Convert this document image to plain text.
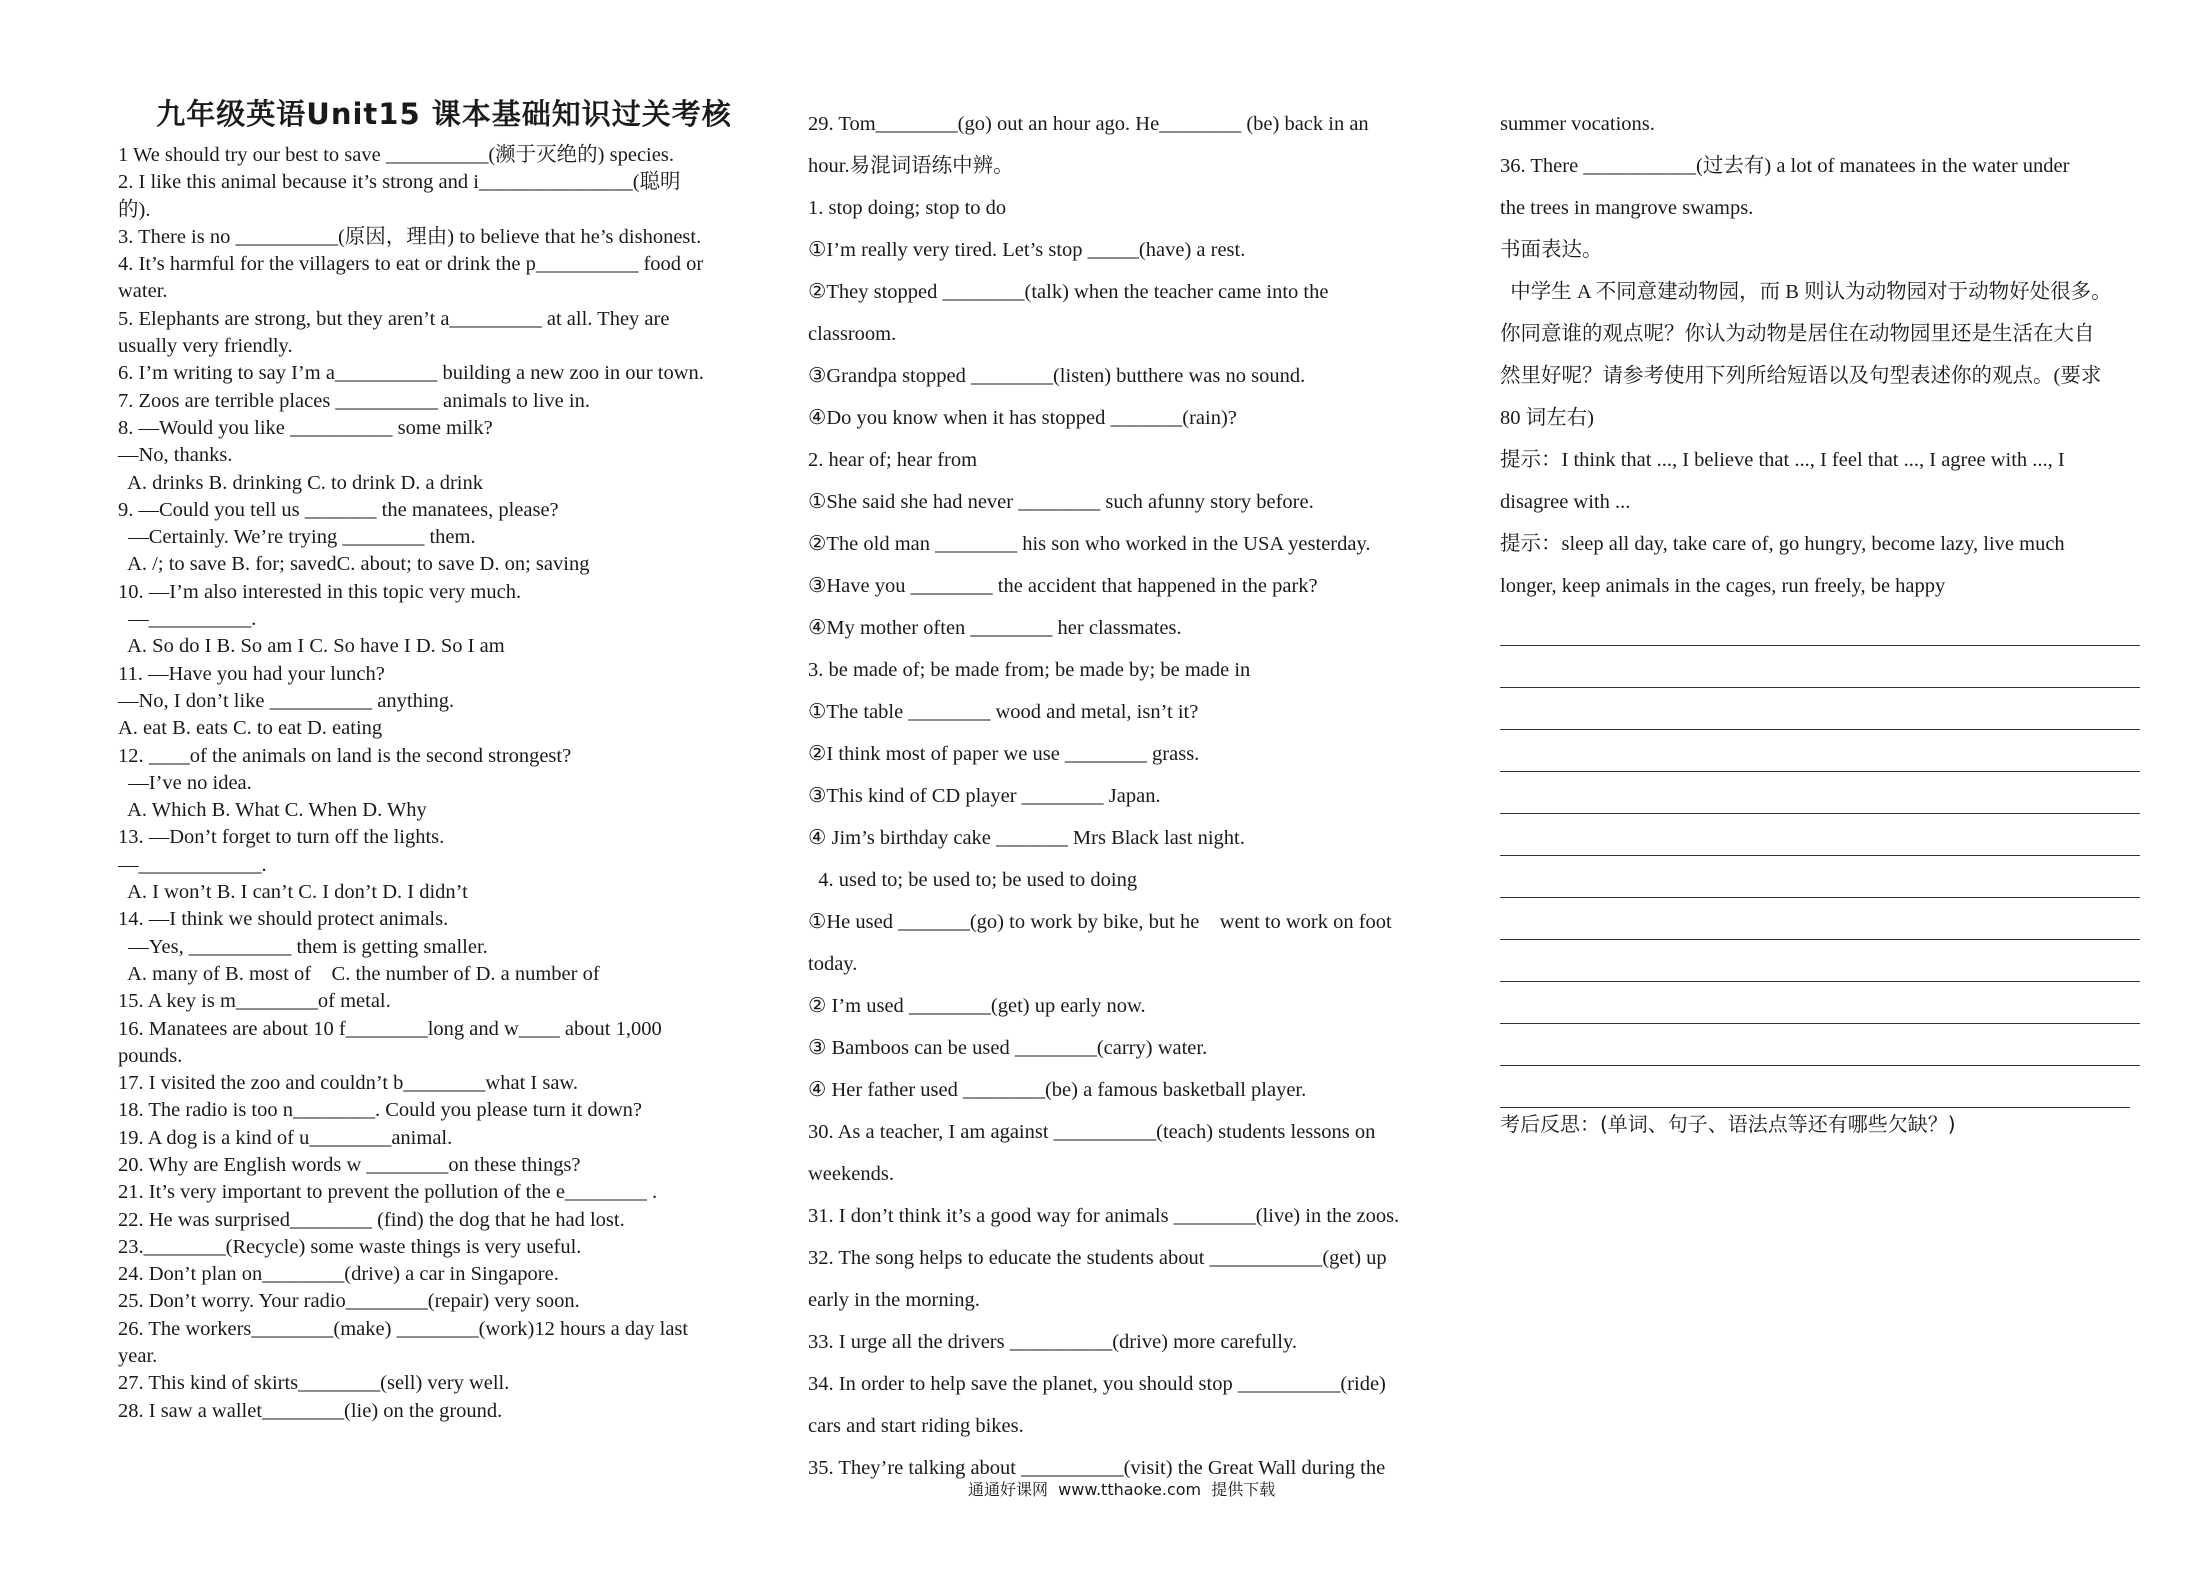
九年级英语Unit15 课本基础知识过关考核
1 We should try our best to save __________(濒于灭绝的) species.
2. I like this animal because it’s strong and i_______________(聪明
的).
3. There is no __________(原因，理由) to believe that he’s dishonest.
4. It’s harmful for the villagers to eat or drink the p__________ food or
water.
5. Elephants are strong, but they aren’t a_________ at all. They are
usually very friendly.
6. I’m writing to say I’m a__________ building a new zoo in our town.
7. Zoos are terrible places __________ animals to live in.
8. —Would you like __________ some milk?
—No, thanks.
A. drinks B. drinking C. to drink D. a drink
9. —Could you tell us _______ the manatees, please?
—Certainly. We’re trying ________ them.
A. /; to save B. for; savedC. about; to save D. on; saving
10. —I’m also interested in this topic very much.
—__________.
A. So do I B. So am I C. So have I D. So I am
11. —Have you had your lunch?
—No, I don’t like __________ anything.
A. eat B. eats C. to eat D. eating
12. ____of the animals on land is the second strongest?
—I’ve no idea.
A. Which B. What C. When D. Why
13. —Don’t forget to turn off the lights.
—____________.
A. I won’t B. I can’t C. I don’t D. I didn’t
14. —I think we should protect animals.
—Yes, __________ them is getting smaller.
A. many of B. most of    C. the number of D. a number of
15. A key is m________of metal.
16. Manatees are about 10 f________long and w____ about 1,000
pounds.
17. I visited the zoo and couldn’t b________what I saw.
18. The radio is too n________. Could you please turn it down?
19. A dog is a kind of u________animal.
20. Why are English words w ________on these things?
21. It’s very important to prevent the pollution of the e________ .
22. He was surprised________ (find) the dog that he had lost.
23.________(Recycle) some waste things is very useful.
24. Don’t plan on________(drive) a car in Singapore.
25. Don’t worry. Your radio________(repair) very soon.
26. The workers________(make) ________(work)12 hours a day last
year.
27. This kind of skirts________(sell) very well.
28. I saw a wallet________(lie) on the ground.
29. Tom________(go) out an hour ago. He________ (be) back in an
hour.易混词语练中辨。
1. stop doing; stop to do
①I’m really very tired. Let’s stop _____(have) a rest.
②They stopped ________(talk) when the teacher came into the
classroom.
③Grandpa stopped ________(listen) butthere was no sound.
④Do you know when it has stopped _______(rain)?
2. hear of; hear from
①She said she had never ________ such afunny story before.
②The old man ________ his son who worked in the USA yesterday.
③Have you ________ the accident that happened in the park?
④My mother often ________ her classmates.
3. be made of; be made from; be made by; be made in
①The table ________ wood and metal, isn’t it?
②I think most of paper we use ________ grass.
③This kind of CD player ________ Japan.
④ Jim’s birthday cake _______ Mrs Black last night.
4. used to; be used to; be used to doing
①He used _______(go) to work by bike, but he    went to work on foot
today.
② I’m used ________(get) up early now.
③ Bamboos can be used ________(carry) water.
④ Her father used ________(be) a famous basketball player.
30. As a teacher, I am against __________(teach) students lessons on
weekends.
31. I don’t think it’s a good way for animals ________(live) in the zoos.
32. The song helps to educate the students about ___________(get) up
early in the morning.
33. I urge all the drivers __________(drive) more carefully.
34. In order to help save the planet, you should stop __________(ride)
cars and start riding bikes.
35. They’re talking about __________(visit) the Great Wall during the
summer vocations.
36. There ___________(过去有) a lot of manatees in the water under
the trees in mangrove swamps.
书面表达。
中学生 A 不同意建动物园，而 B 则认为动物园对于动物好处很多。
你同意谁的观点呢？你认为动物是居住在动物园里还是生活在大自
然里好呢？请参考使用下列所给短语以及句型表述你的观点。(要求
80 词左右)
提示：I think that ..., I believe that ..., I feel that ..., I agree with ..., I
disagree with ...
提示：sleep all day, take care of, go hungry, become lazy, live much
longer, keep animals in the cages, run freely, be happy
考后反思：(单词、句子、语法点等还有哪些欠缺？)
通通好课网  www.tthaoke.com  提供下载
